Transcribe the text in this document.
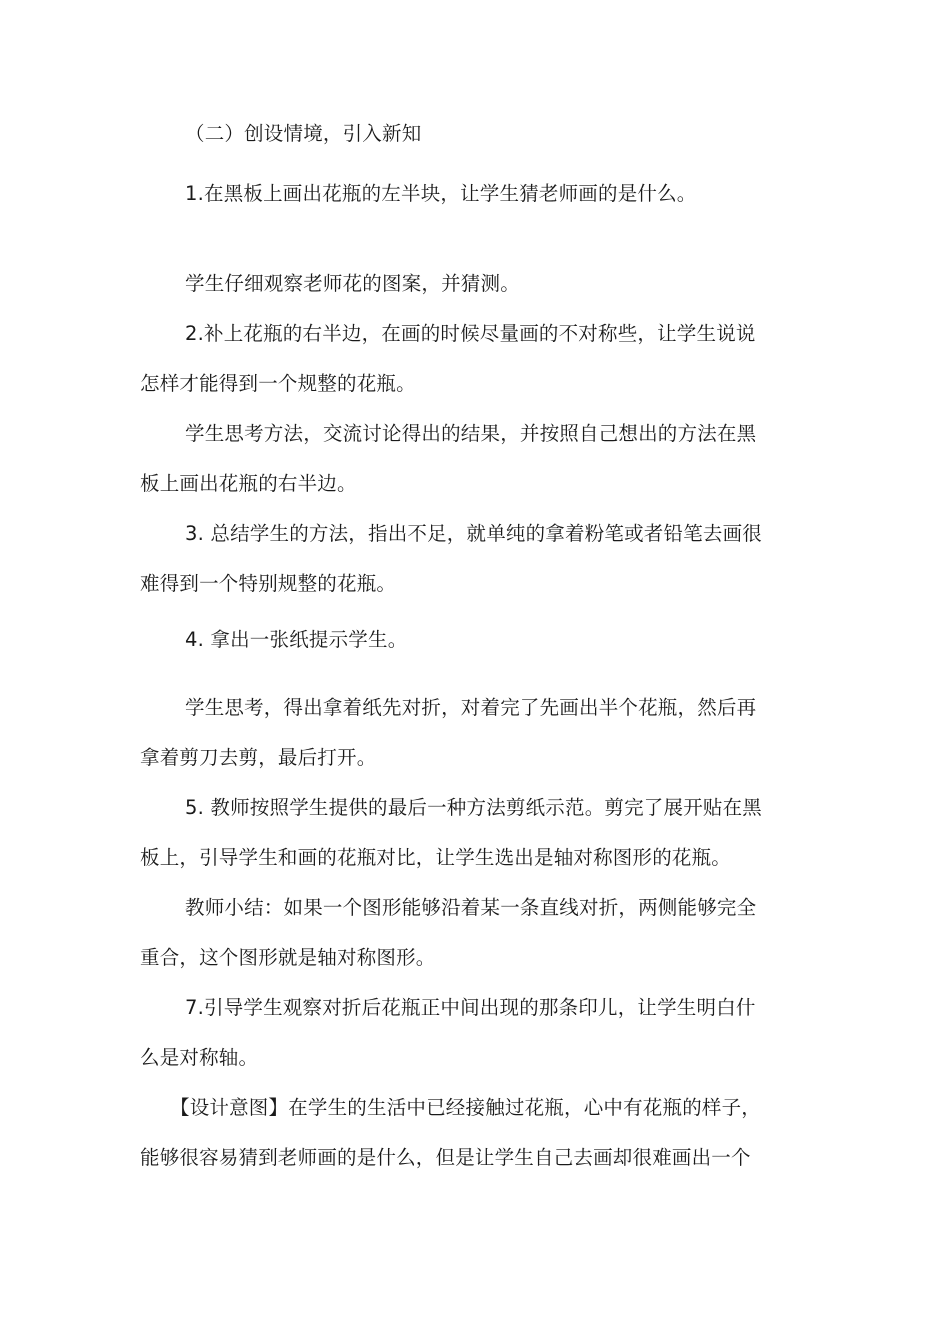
（二）创设情境，引入新知
1.在黑板上画出花瓶的左半块，让学生猜老师画的是什么。
学生仔细观察老师花的图案，并猜测。
2.补上花瓶的右半边，在画的时候尽量画的不对称些，让学生说说
怎样才能得到一个规整的花瓶。
学生思考方法，交流讨论得出的结果，并按照自己想出的方法在黑
板上画出花瓶的右半边。
3. 总结学生的方法，指出不足，就单纯的拿着粉笔或者铅笔去画很
难得到一个特别规整的花瓶。
4. 拿出一张纸提示学生。
学生思考，得出拿着纸先对折，对着完了先画出半个花瓶，然后再
拿着剪刀去剪，最后打开。
5. 教师按照学生提供的最后一种方法剪纸示范。剪完了展开贴在黑
板上，引导学生和画的花瓶对比，让学生选出是轴对称图形的花瓶。
教师小结：如果一个图形能够沿着某一条直线对折，两侧能够完全
重合，这个图形就是轴对称图形。
7.引导学生观察对折后花瓶正中间出现的那条印儿，让学生明白什
么是对称轴。
【设计意图】在学生的生活中已经接触过花瓶，心中有花瓶的样子，
能够很容易猜到老师画的是什么，但是让学生自己去画却很难画出一个
